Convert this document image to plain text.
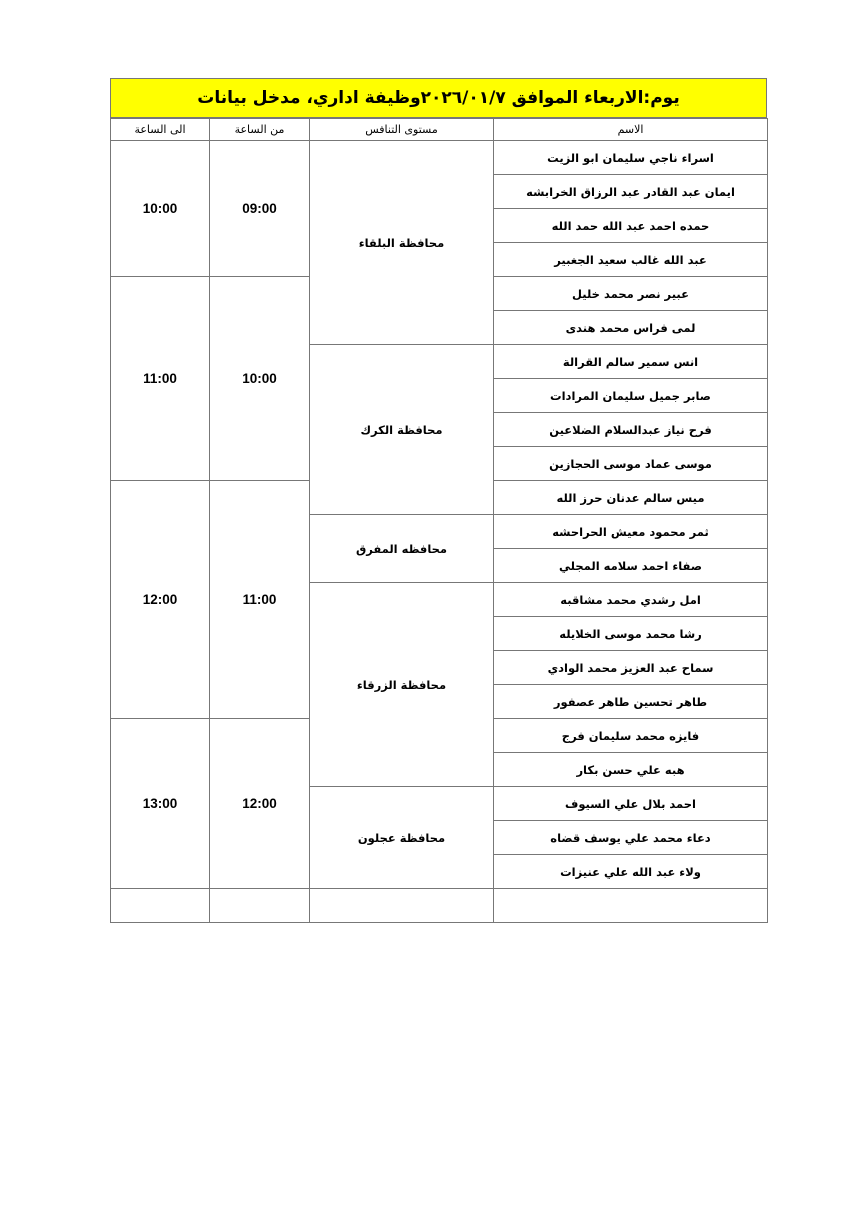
يوم:الاربعاء الموافق ٢٠٢٦/٠١/٧وظيفة اداري، مدخل بيانات
الاسم	مستوى التنافس	من الساعة	الى الساعة
اسراء ناجي سليمان ابو الزيت	محافظة البلقاء	09:00	10:00
ايمان عبد القادر عبد الرزاق الخرابشه			
حمده احمد عبد الله حمد الله			
عبد الله غالب سعيد الجغبير			
عبير نصر محمد خليل		10:00	11:00
لمى فراس محمد هندى			
انس سمير سالم القرالة	محافظة الكرك		
صابر جميل سليمان المرادات			
فرح نياز عبدالسلام الضلاعين			
موسى عماد موسى الحجازين			
ميس سالم عدنان حرز الله		11:00	12:00
ثمر محمود معيش الحراحشه	محافظه المفرق		
صفاء احمد سلامه المجلي			
امل رشدي محمد مشاقبه	محافظة الزرقاء		
رشا محمد موسى الخلايله			
سماح عبد العزيز محمد الوادي			
طاهر تحسين طاهر عصفور			
فايزه محمد سليمان فرج		12:00	13:00
هبه علي حسن بكار			
احمد بلال علي السيوف	محافظة عجلون		
دعاء محمد علي يوسف قضاه			
ولاء عبد الله علي عنيزات			
